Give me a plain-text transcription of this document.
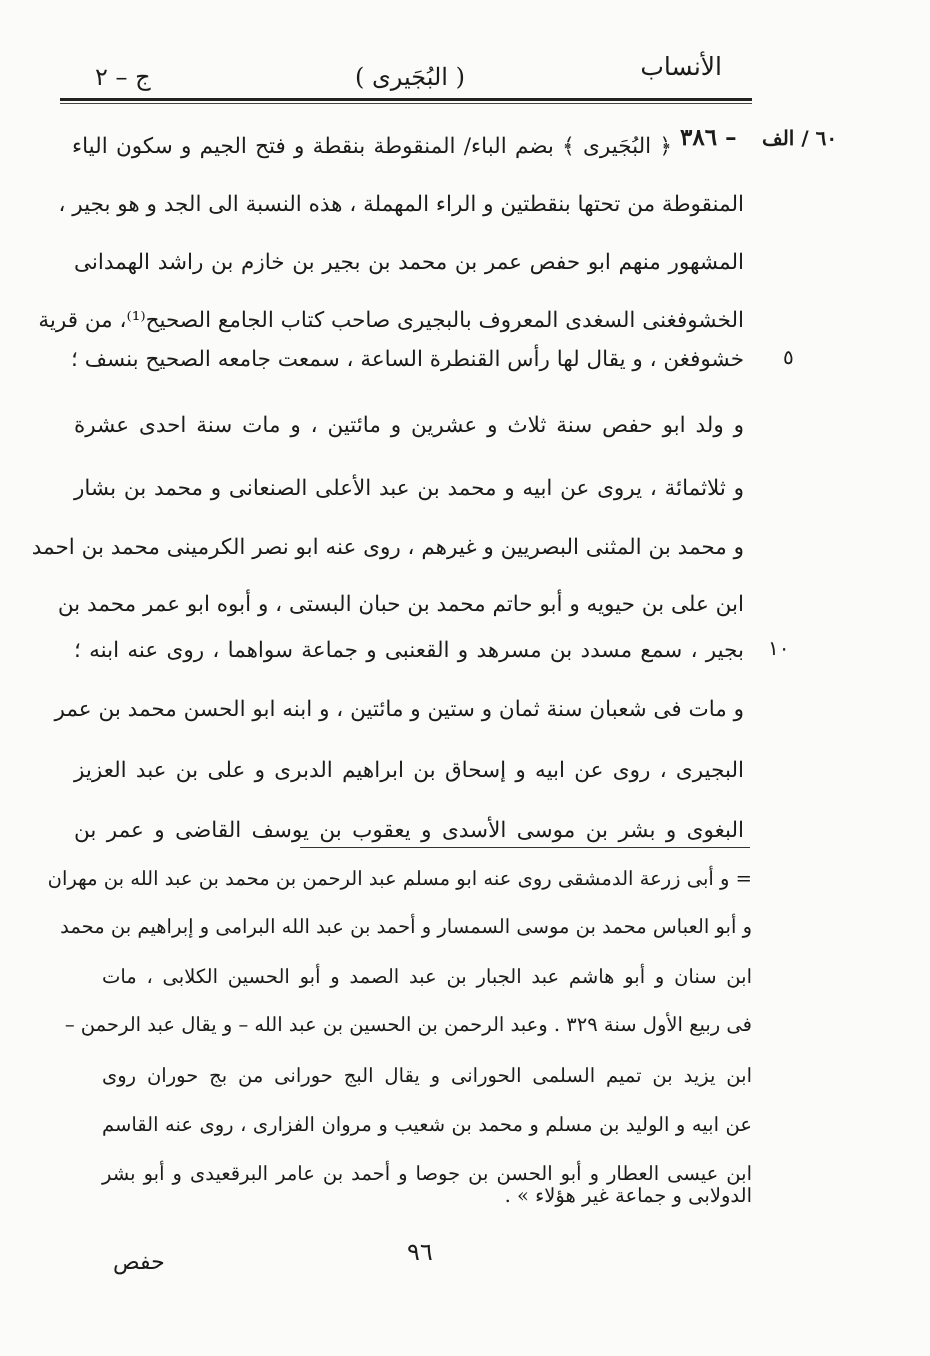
الأنساب
( البُجَيرى )
ج – ٢
٦٠ / الف
٣٨٦ –
٥
١٠
﴿ البُجَيرى ﴾ بضم الباء/ المنقوطة بنقطة و فتح الجيم و سكون الياء
المنقوطة من تحتها بنقطتين و الراء المهملة ، هذه النسبة الى الجد و هو بجير ،
المشهور منهم ابو حفص عمر بن محمد بن بجير بن خازم بن راشد الهمدانى
الخشوفغنى السغدى المعروف بالبجيرى صاحب كتاب الجامع الصحيح⁽¹⁾، من قرية
خشوفغن ، و يقال لها رأس القنطرة الساعة ، سمعت جامعه الصحيح بنسف ؛
و ولد ابو حفص سنة ثلاث و عشرين و مائتين ، و مات سنة احدى عشرة
و ثلاثمائة ، يروى عن ابيه و محمد بن عبد الأعلى الصنعانى و محمد بن بشار
و محمد بن المثنى البصريين و غيرهم ، روى عنه ابو نصر الكرمينى محمد بن احمد
ابن على بن حيويه و أبو حاتم محمد بن حبان البستى ، و أبوه ابو عمر محمد بن
بجير ، سمع مسدد بن مسرهد و القعنبى و جماعة سواهما ، روى عنه ابنه ؛
و مات فى شعبان سنة ثمان و ستين و مائتين ، و ابنه ابو الحسن محمد بن عمر
البجيرى ، روى عن ابيه و إسحاق بن ابراهيم الدبرى و على بن عبد العزيز
البغوى و بشر بن موسى الأسدى و يعقوب بن يوسف القاضى و عمر بن
= و أبى زرعة الدمشقى روى عنه ابو مسلم عبد الرحمن بن محمد بن عبد الله بن مهران
و أبو العباس محمد بن موسى السمسار و أحمد بن عبد الله البرامى و إبراهيم بن محمد
ابن سنان و أبو هاشم عبد الجبار بن عبد الصمد و أبو الحسين الكلابى ، مات
فى ربيع الأول سنة ٣٢٩ . وعبد الرحمن بن الحسين بن عبد الله – و يقال عبد الرحمن –
ابن يزيد بن تميم السلمى الحورانى و يقال البج حورانى من بج حوران روى
عن ابيه و الوليد بن مسلم و محمد بن شعيب و مروان الفزارى ، روى عنه القاسم
ابن عيسى العطار و أبو الحسن بن جوصا و أحمد بن عامر البرقعيدى و أبو بشر
الدولابى و جماعة غير هؤلاء » .
٩٦
حفص
